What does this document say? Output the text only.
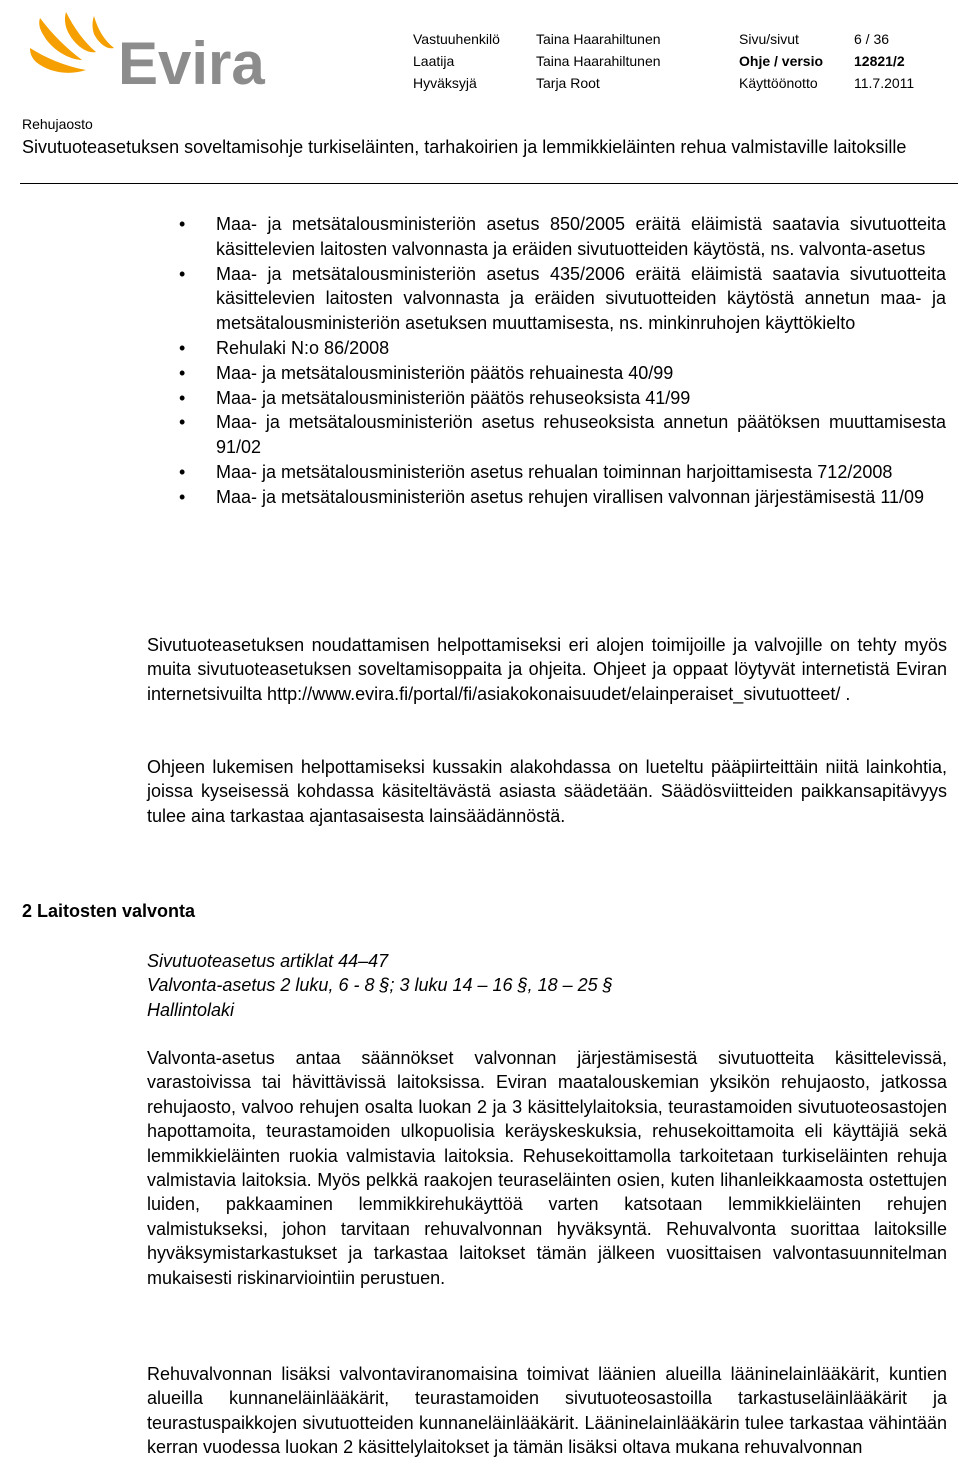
Evira	Vastuuhenkilö	Taina Haarahiltunen	Sivu/sivut	6 / 36
Laatija	Taina Haarahiltunen	Ohje / versio 12821/2
Hyväksyjä	Tarja Root	Käyttöönotto	11.7.2011
Rehujaosto
Sivutuoteasetuksen soveltamisohje turkiseläinten, tarhakoirien ja lemmikkieläinten rehua valmistaville laitoksille
• Maa- ja metsätalousministeriön asetus 850/2005 eräitä eläimistä saatavia sivutuotteita käsittelevien laitosten valvonnasta ja eräiden sivutuotteiden käytöstä, ns. valvonta-asetus
• Maa- ja metsätalousministeriön asetus 435/2006 eräitä eläimistä saatavia sivutuotteita käsittelevien laitosten valvonnasta ja eräiden sivutuotteiden käytöstä annetun maa- ja metsätalousministeriön asetuksen muuttamisesta, ns. minkinruhojen käyttökielto
• Rehulaki N:o 86/2008
• Maa- ja metsätalousministeriön päätös rehuainesta 40/99
• Maa- ja metsätalousministeriön päätös rehuseoksista 41/99
• Maa- ja metsätalousministeriön asetus rehuseoksista annetun päätöksen muuttamisesta 91/02
• Maa- ja metsätalousministeriön asetus rehualan toiminnan harjoittamisesta 712/2008
• Maa- ja metsätalousministeriön asetus rehujen virallisen valvonnan järjestämisestä 11/09

Sivutuoteasetuksen noudattamisen helpottamiseksi eri alojen toimijoille ja valvojille on tehty myös muita sivutuoteasetuksen soveltamisoppaita ja ohjeita. Ohjeet ja oppaat löytyvät internetistä Eviran internetsivuilta http://www.evira.fi/portal/fi/asiakokonaisuudet/elainperaiset_sivutuotteet/ .

Ohjeen lukemisen helpottamiseksi kussakin alakohdassa on lueteltu pääpiirteittäin niitä lainkohtia, joissa kyseisessä kohdassa käsiteltävästä asiasta säädetään. Säädösviitteiden paikkansapitävyys tulee aina tarkastaa ajantasaisesta lainsäädännöstä.

2 Laitosten valvonta
Sivutuoteasetus artiklat 44–47
Valvonta-asetus 2 luku, 6 - 8 §; 3 luku 14 – 16 §, 18 – 25 §
Hallintolaki

Valvonta-asetus antaa säännökset valvonnan järjestämisestä sivutuotteita käsittelevissä, varastoivissa tai hävittävissä laitoksissa. Eviran maatalouskemian yksikön rehujaosto, jatkossa rehujaosto, valvoo rehujen osalta luokan 2 ja 3 käsittelylaitoksia, teurastamoiden sivutuoteosastojen hapottamoita, teurastamoiden ulkopuolisia keräyskeskuksia, rehusekoittamoita eli käyttäjiä sekä lemmikkieläinten ruokia valmistavia laitoksia. Rehusekoittamolla tarkoitetaan turkiseläinten rehuja valmistavia laitoksia. Myös pelkkä raakojen teuraseläinten osien, kuten lihanleikkaamosta ostettujen luiden, pakkaaminen lemmikkirehukäyttöä varten katsotaan lemmikkieläinten rehujen valmistukseksi, johon tarvitaan rehuvalvonnan hyväksyntä. Rehuvalvonta suorittaa laitoksille hyväksymistarkastukset ja tarkastaa laitokset tämän jälkeen vuosittaisen valvontasuunnitelman mukaisesti riskinarviointiin perustuen.

Rehuvalvonnan lisäksi valvontaviranomaisina toimivat läänien alueilla lääninelainlääkärit, kuntien alueilla kunnaneläinlääkärit, teurastamoiden sivutuoteosastoilla tarkastuseläinlääkärit ja teurastuspaikkojen sivutuotteiden kunnaneläinlääkärit. Lääninelainlääkärin tulee tarkastaa vähintään kerran vuodessa luokan 2 käsittelylaitokset ja tämän lisäksi oltava mukana rehuvalvonnan
